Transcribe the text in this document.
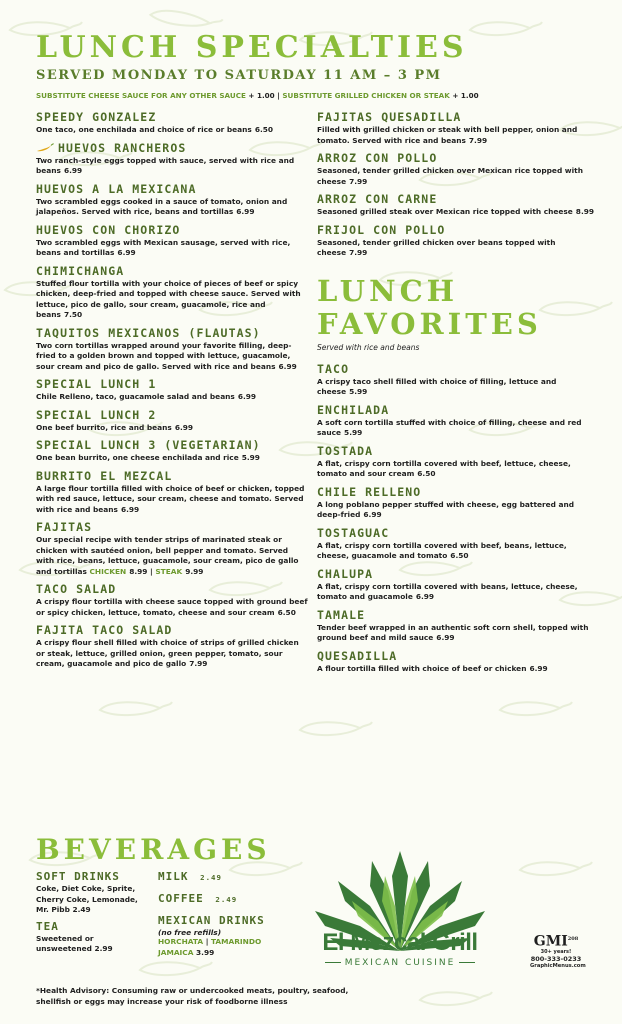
LUNCH SPECIALTIES
SERVED MONDAY TO SATURDAY 11 AM – 3 PM
SUBSTITUTE CHEESE SAUCE FOR ANY OTHER SAUCE + 1.00 | SUBSTITUTE GRILLED CHICKEN OR STEAK + 1.00
SPEEDY GONZALEZ
One taco, one enchilada and choice of rice or beans 6.50
HUEVOS RANCHEROS
Two ranch-style eggs topped with sauce, served with rice and beans 6.99
HUEVOS A LA MEXICANA
Two scrambled eggs cooked in a sauce of tomato, onion and jalapeños. Served with rice, beans and tortillas 6.99
HUEVOS CON CHORIZO
Two scrambled eggs with Mexican sausage, served with rice, beans and tortillas 6.99
CHIMICHANGA
Stuffed flour tortilla with your choice of pieces of beef or spicy chicken, deep-fried and topped with cheese sauce. Served with lettuce, pico de gallo, sour cream, guacamole, rice and beans 7.50
TAQUITOS MEXICANOS (FLAUTAS)
Two corn tortillas wrapped around your favorite filling, deep-fried to a golden brown and topped with lettuce, guacamole, sour cream and pico de gallo. Served with rice and beans 6.99
SPECIAL LUNCH 1
Chile Relleno, taco, guacamole salad and beans 6.99
SPECIAL LUNCH 2
One beef burrito, rice and beans 6.99
SPECIAL LUNCH 3 (VEGETARIAN)
One bean burrito, one cheese enchilada and rice 5.99
BURRITO EL MEZCAL
A large flour tortilla filled with choice of beef or chicken, topped with red sauce, lettuce, sour cream, cheese and tomato. Served with rice and beans 6.99
FAJITAS
Our special recipe with tender strips of marinated steak or chicken with sautéed onion, bell pepper and tomato. Served with rice, beans, lettuce, guacamole, sour cream, pico de gallo and tortillas CHICKEN 8.99 | STEAK 9.99
TACO SALAD
A crispy flour tortilla with cheese sauce topped with ground beef or spicy chicken, lettuce, tomato, cheese and sour cream 6.50
FAJITA TACO SALAD
A crispy flour shell filled with choice of strips of grilled chicken or steak, lettuce, grilled onion, green pepper, tomato, sour cream, guacamole and pico de gallo 7.99
FAJITAS QUESADILLA
Filled with grilled chicken or steak with bell pepper, onion and tomato. Served with rice and beans 7.99
ARROZ CON POLLO
Seasoned, tender grilled chicken over Mexican rice topped with cheese 7.99
ARROZ CON CARNE
Seasoned grilled steak over Mexican rice topped with cheese 8.99
FRIJOL CON POLLO
Seasoned, tender grilled chicken over beans topped with cheese 7.99
LUNCH
FAVORITES
Served with rice and beans
TACO
A crispy taco shell filled with choice of filling, lettuce and cheese 5.99
ENCHILADA
A soft corn tortilla stuffed with choice of filling, cheese and red sauce 5.99
TOSTADA
A flat, crispy corn tortilla covered with beef, lettuce, cheese, tomato and sour cream 6.50
CHILE RELLENO
A long poblano pepper stuffed with cheese, egg battered and deep-fried 6.99
TOSTAGUAC
A flat, crispy corn tortilla covered with beef, beans, lettuce, cheese, guacamole and tomato 6.50
CHALUPA
A flat, crispy corn tortilla covered with beans, lettuce, cheese, tomato and guacamole 6.99
TAMALE
Tender beef wrapped in an authentic soft corn shell, topped with ground beef and mild sauce 6.99
QUESADILLA
A flour tortilla filled with choice of beef or chicken 6.99
BEVERAGES
SOFT DRINKS
Coke, Diet Coke, Sprite, Cherry Coke, Lemonade, Mr. Pibb 2.49
TEA
Sweetened or unsweetened 2.99
MILK 2.49
COFFEE 2.49
MEXICAN DRINKS
(no free refills)
HORCHATA | TAMARINDO
JAMAICA 3.99
*Health Advisory: Consuming raw or undercooked meats, poultry, seafood, shellfish or eggs may increase your risk of foodborne illness
El Mezcal Grill
MEXICAN CUISINE
GMI$^{208}$
30+ years!
800-333-0233
GraphicMenus.com
